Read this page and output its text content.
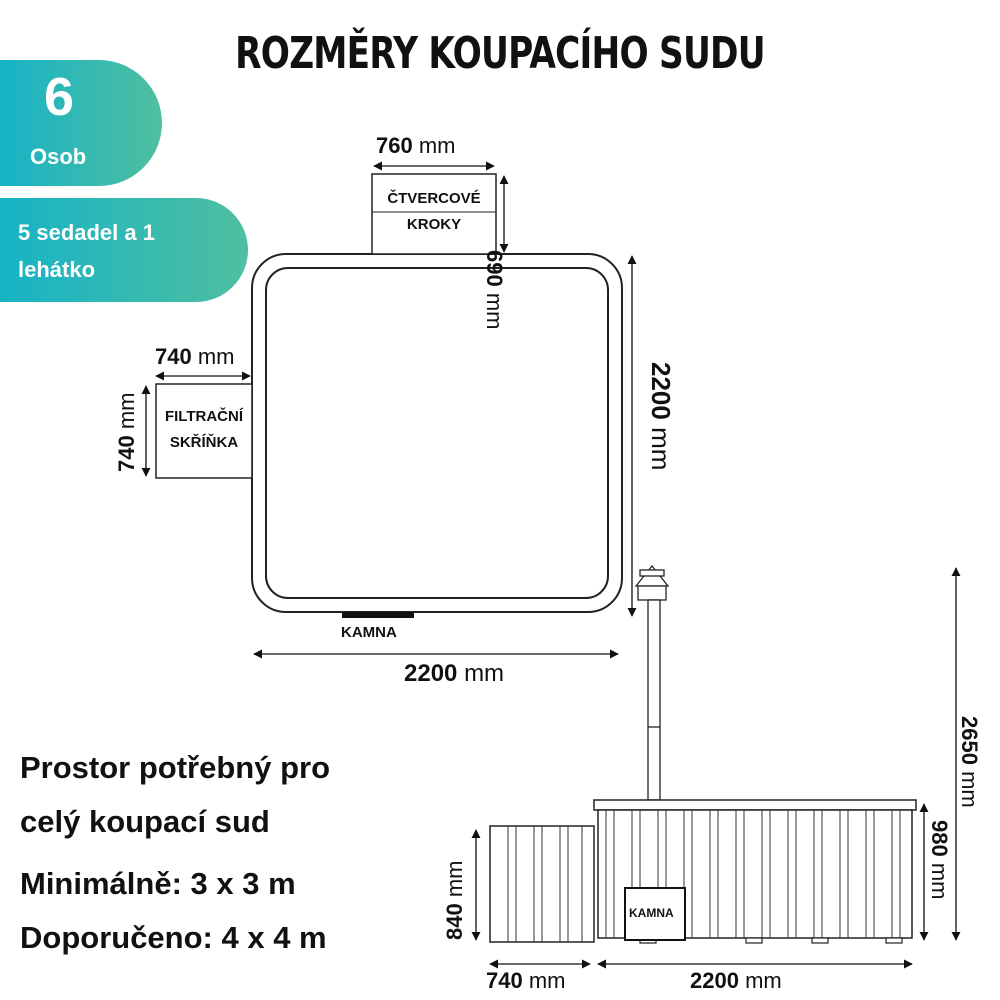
ROZMĚRY KOUPACÍHO SUDU
6
Osob
5 sedadel a 1 lehátko
760 mm
690 mm
740 mm
740 mm	2200 mm
2200 mm
ČTVERCOVÉ KROKY
FILTRAČNÍ SKŘÍŇKA
KAMNA
2650 mm
980 mm
840 mm
740 mm	2200 mm
KAMNA
Prostor potřebný pro
celý koupací sud
Minimálně: 3 x 3 m
Doporučeno: 4 x 4 m
